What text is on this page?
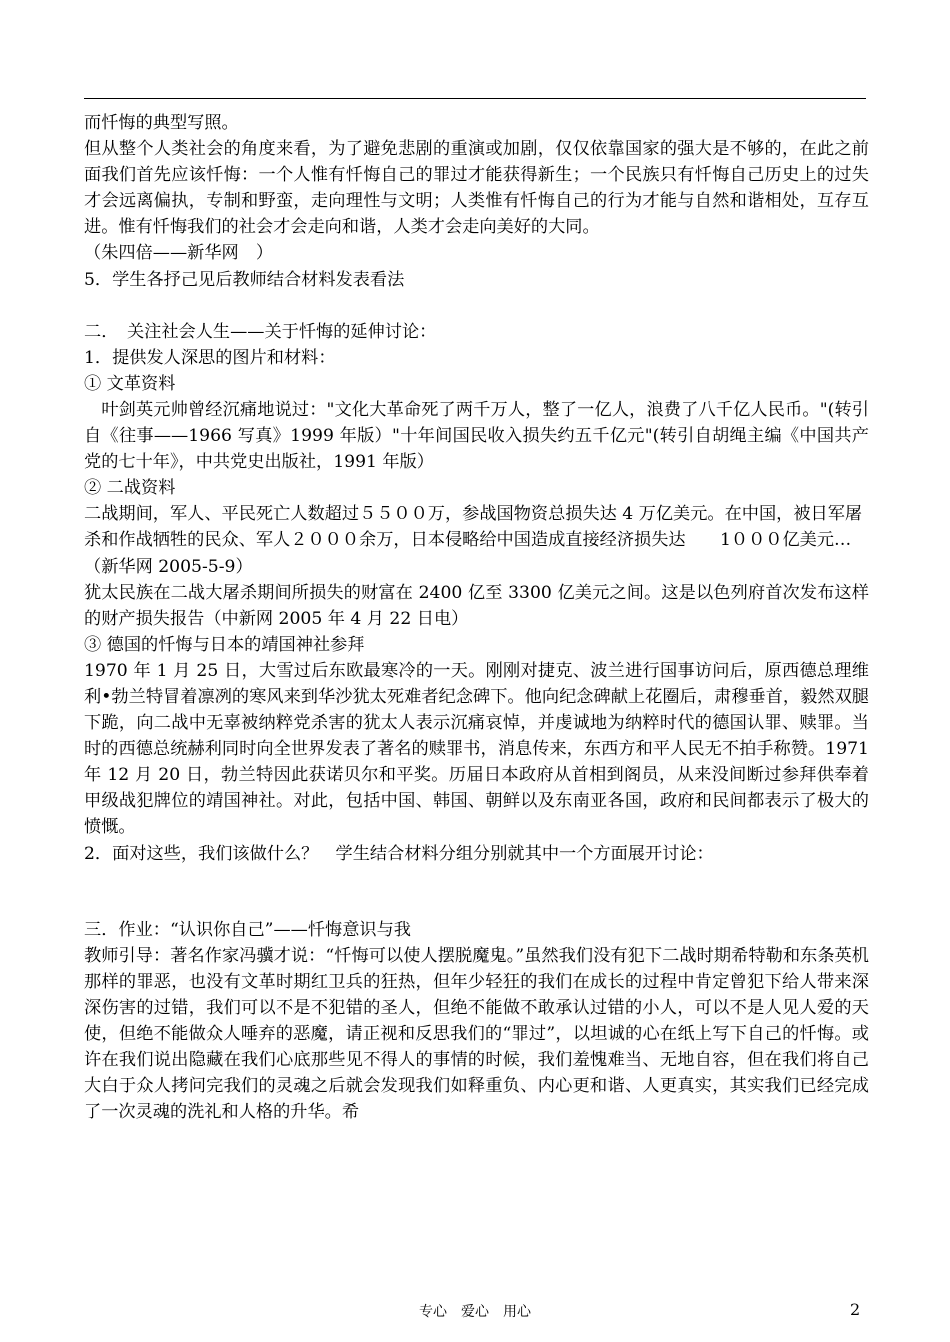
而忏悔的典型写照。

但从整个人类社会的角度来看，为了避免悲剧的重演或加剧，仅仅依靠国家的强大是不够的，在此之前面我们首先应该忏悔：一个人惟有忏悔自己的罪过才能获得新生；一个民族只有忏悔自己历史上的过失才会远离偏执，专制和野蛮，走向理性与文明；人类惟有忏悔自己的行为才能与自然和谐相处，互存互进。惟有忏悔我们的社会才会走向和谐，人类才会走向美好的大同。

（朱四倍——新华网　）

5．学生各抒己见后教师结合材料发表看法

二．　关注社会人生——关于忏悔的延伸讨论：

1．提供发人深思的图片和材料：

① 文革资料

　叶剑英元帅曾经沉痛地说过："文化大革命死了两千万人，整了一亿人，浪费了八千亿人民币。"(转引自《往事——1966 写真》1999 年版）"十年间国民收入损失约五千亿元"(转引自胡绳主编《中国共产党的七十年》，中共党史出版社，1991 年版）

② 二战资料

二战期间，军人、平民死亡人数超过５５００万，参战国物资总损失达 4 万亿美元。在中国，被日军屠杀和作战牺牲的民众、军人２０００余万，日本侵略给中国造成直接经济损失达　　1０００亿美元…（新华网 2005-5-9）

犹太民族在二战大屠杀期间所损失的财富在 2400 亿至 3300 亿美元之间。这是以色列府首次发布这样的财产损失报告（中新网 2005 年 4 月 22 日电）

③ 德国的忏悔与日本的靖国神社参拜

1970 年 1 月 25 日，大雪过后东欧最寒冷的一天。刚刚对捷克、波兰进行国事访问后，原西德总理维利•勃兰特冒着凛冽的寒风来到华沙犹太死难者纪念碑下。他向纪念碑献上花圈后，肃穆垂首，毅然双腿下跪，向二战中无辜被纳粹党杀害的犹太人表示沉痛哀悼，并虔诚地为纳粹时代的德国认罪、赎罪。当时的西德总统赫利同时向全世界发表了著名的赎罪书，消息传来，东西方和平人民无不拍手称赞。1971 年 12 月 20 日，勃兰特因此获诺贝尔和平奖。历届日本政府从首相到阁员，从来没间断过参拜供奉着甲级战犯牌位的靖国神社。对此，包括中国、韩国、朝鲜以及东南亚各国，政府和民间都表示了极大的愤慨。

2．面对这些，我们该做什么？　学生结合材料分组分别就其中一个方面展开讨论：

三．作业：“认识你自己”——忏悔意识与我

教师引导：著名作家冯骥才说：“忏悔可以使人摆脱魔鬼。”虽然我们没有犯下二战时期希特勒和东条英机那样的罪恶，也没有文革时期红卫兵的狂热，但年少轻狂的我们在成长的过程中肯定曾犯下给人带来深深伤害的过错，我们可以不是不犯错的圣人，但绝不能做不敢承认过错的小人，可以不是人见人爱的天使，但绝不能做众人唾弃的恶魔，请正视和反思我们的“罪过”，以坦诚的心在纸上写下自己的忏悔。或许在我们说出隐藏在我们心底那些见不得人的事情的时候，我们羞愧难当、无地自容，但在我们将自己大白于众人拷问完我们的灵魂之后就会发现我们如释重负、内心更和谐、人更真实，其实我们已经完成了一次灵魂的洗礼和人格的升华。希

专心　爱心　用心	2
